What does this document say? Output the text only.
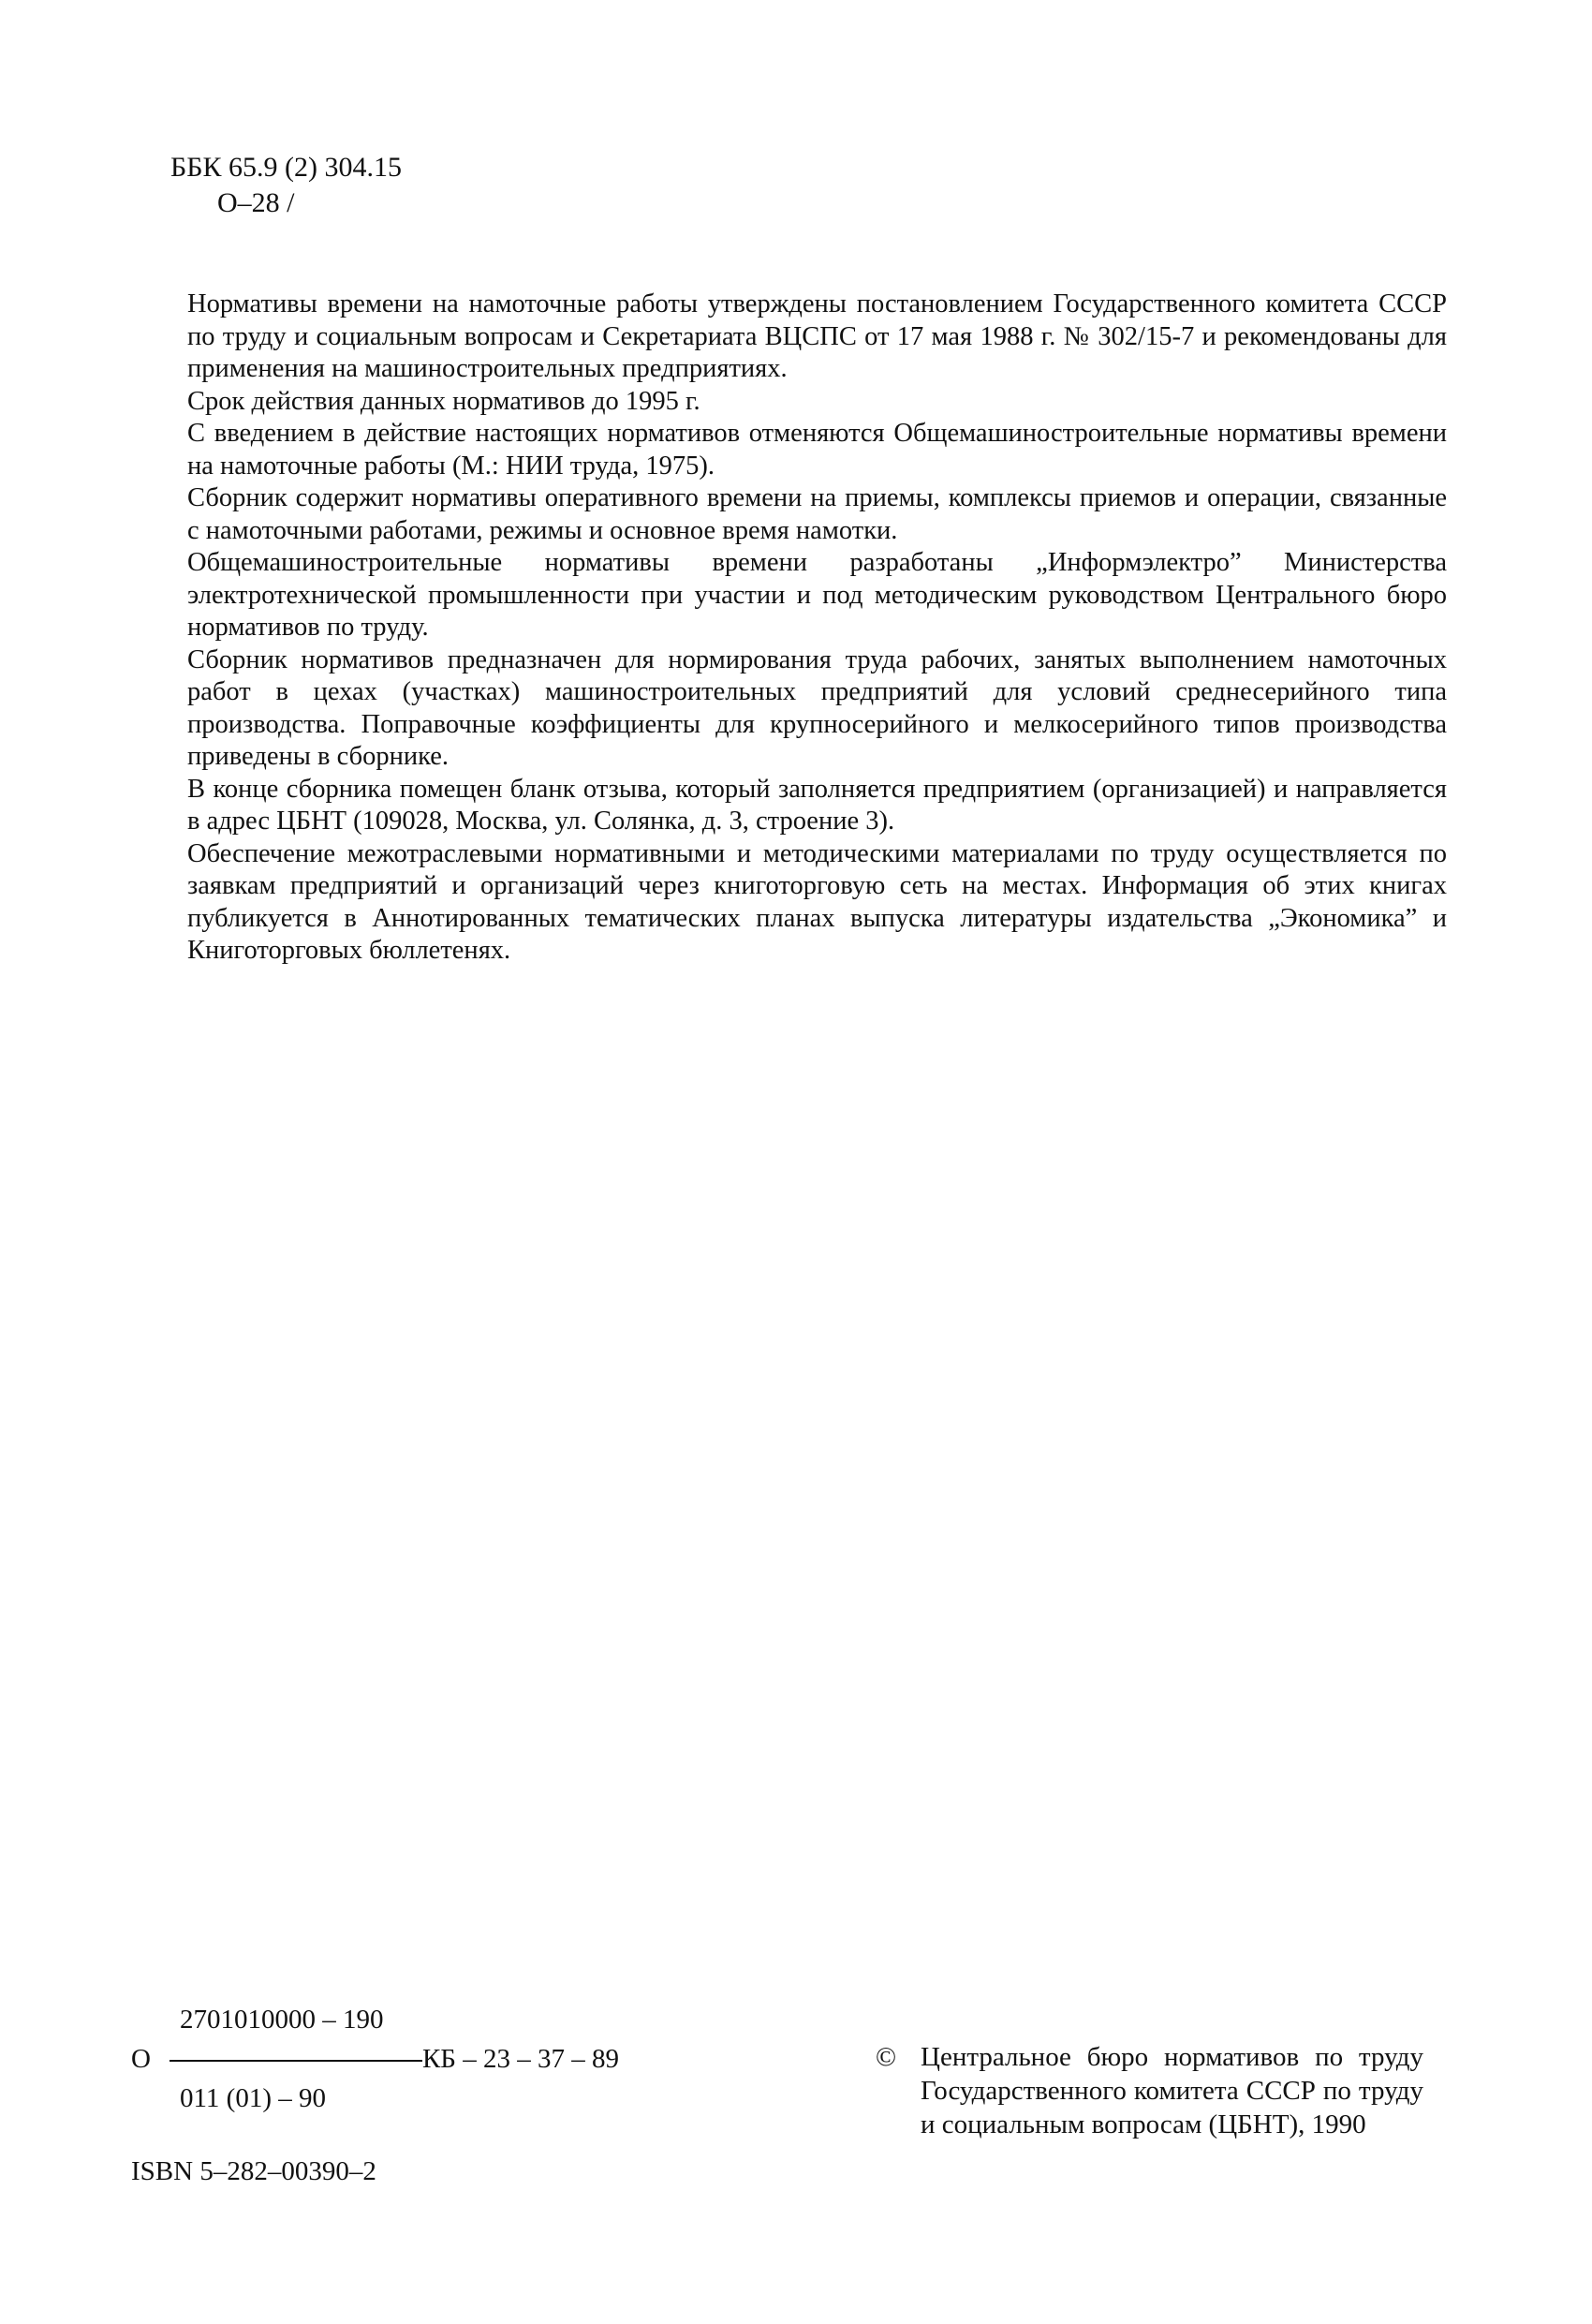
ББК 65.9 (2) 304.15
О–28 /

Нормативы времени на намоточные работы утверждены постановлением Государственного комитета СССР по труду и социальным вопросам и Секретариата ВЦСПС от 17 мая 1988 г. № 302/15-7 и рекомендованы для применения на машиностроительных предприятиях.

Срок действия данных нормативов до 1995 г.

С введением в действие настоящих нормативов отменяются Общемашиностроительные нормативы времени на намоточные работы (М.: НИИ труда, 1975).

Сборник содержит нормативы оперативного времени на приемы, комплексы приемов и операции, связанные с намоточными работами, режимы и основное время намотки.

Общемашиностроительные нормативы времени разработаны „Информэлектро” Министерства электротехнической промышленности при участии и под методическим руководством Центрального бюро нормативов по труду.

Сборник нормативов предназначен для нормирования труда рабочих, занятых выполнением намоточных работ в цехах (участках) машиностроительных предприятий для условий среднесерийного типа производства. Поправочные коэффициенты для крупносерийного и мелкосерийного типов производства приведены в сборнике.

В конце сборника помещен бланк отзыва, который заполняется предприятием (организацией) и направляется в адрес ЦБНТ (109028, Москва, ул. Солянка, д. 3, строение 3).

Обеспечение межотраслевыми нормативными и методическими материалами по труду осуществляется по заявкам предприятий и организаций через книготорговую сеть на местах. Информация об этих книгах публикуется в Аннотированных тематических планах выпуска литературы издательства „Экономика” и Книготорговых бюллетенях.

2701010000 – 190
О	КБ – 23 – 37 – 89
011 (01) – 90
© Центральное бюро нормативов по труду Государственного комитета СССР по труду и социальным вопросам (ЦБНТ), 1990
ISBN 5–282–00390–2
